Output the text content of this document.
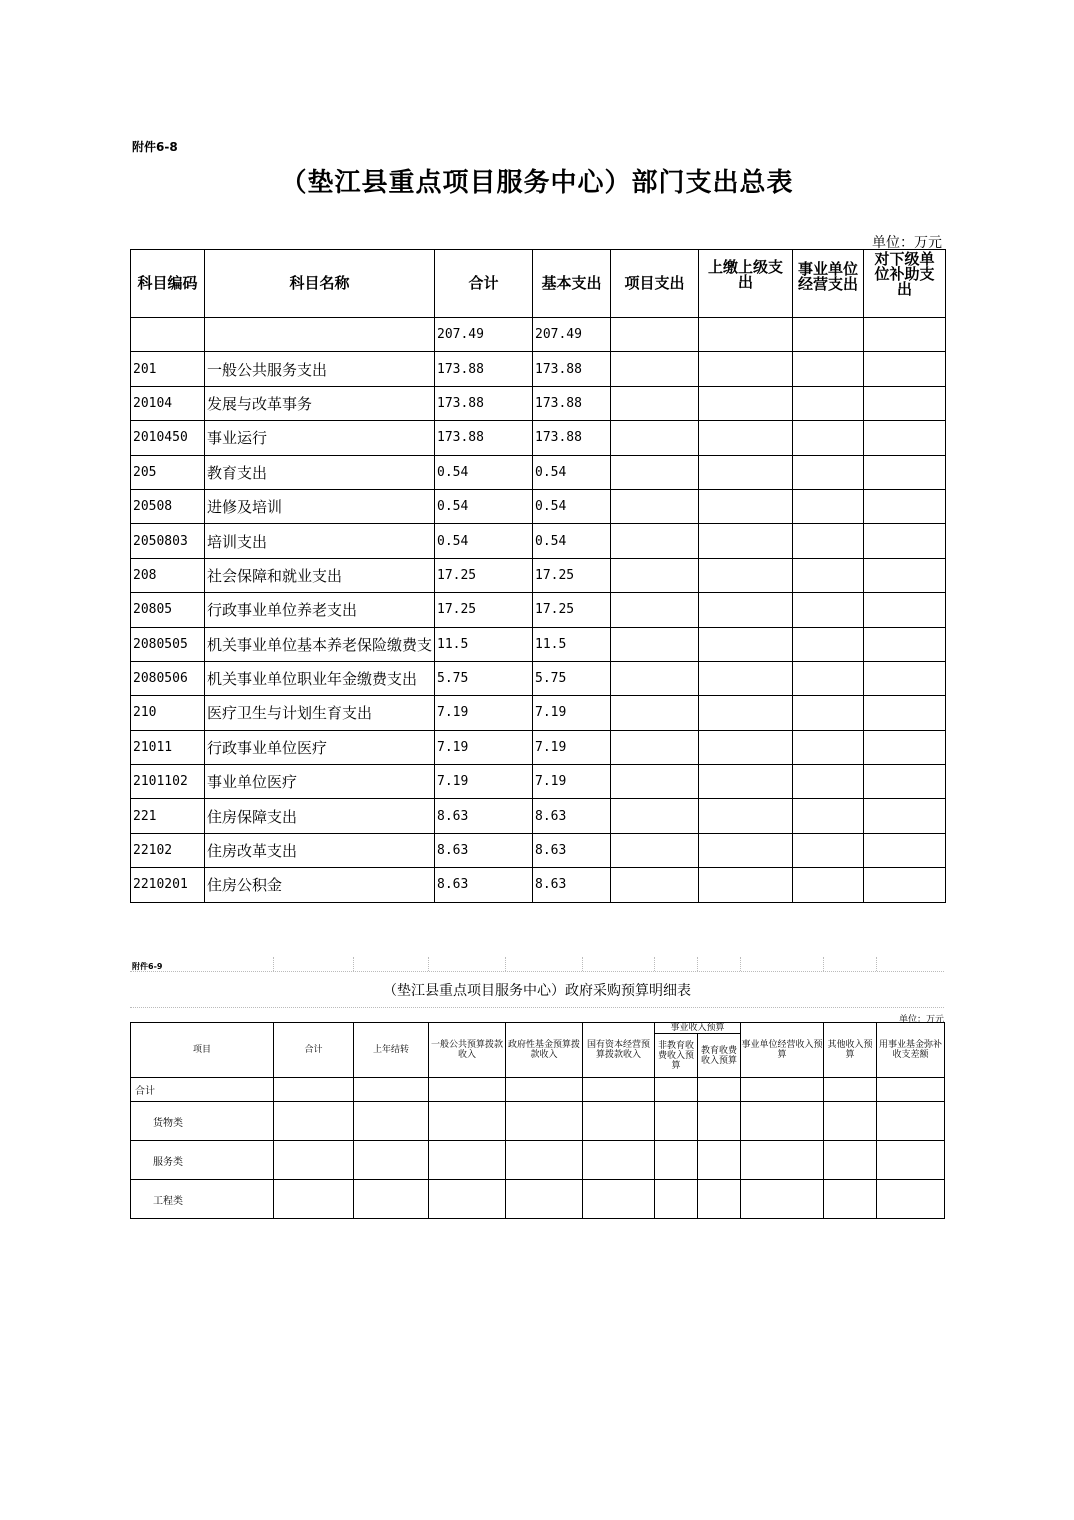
附件6-8
（垫江县重点项目服务中心）部门支出总表
单位：万元
科目编码	科目名称	合计	基本支出	项目支出	上缴上级支出	事业单位经营支出	对下级单位补助支出
		207.49	207.49				
201	一般公共服务支出	173.88	173.88				
20104	发展与改革事务	173.88	173.88				
2010450	事业运行	173.88	173.88				
205	教育支出	0.54	0.54				
20508	进修及培训	0.54	0.54				
2050803	培训支出	0.54	0.54				
208	社会保障和就业支出	17.25	17.25				
20805	行政事业单位养老支出	17.25	17.25				
2080505	机关事业单位基本养老保险缴费支	11.5	11.5				
2080506	机关事业单位职业年金缴费支出	5.75	5.75				
210	医疗卫生与计划生育支出	7.19	7.19				
21011	行政事业单位医疗	7.19	7.19				
2101102	事业单位医疗	7.19	7.19				
221	住房保障支出	8.63	8.63				
22102	住房改革支出	8.63	8.63				
2210201	住房公积金	8.63	8.63				
附件6-9
（垫江县重点项目服务中心）政府采购预算明细表
单位：万元
项目	合计	上年结转	一般公共预算拨款收入	政府性基金预算拨款收入	国有资本经营预算拨款收入	事业收入预算		事业单位经营收入预算	其他收入预算	用事业基金弥补收支差额
						非教育收费收入预算	教育收费收入预算			
合计										
货物类										
服务类										
工程类										
